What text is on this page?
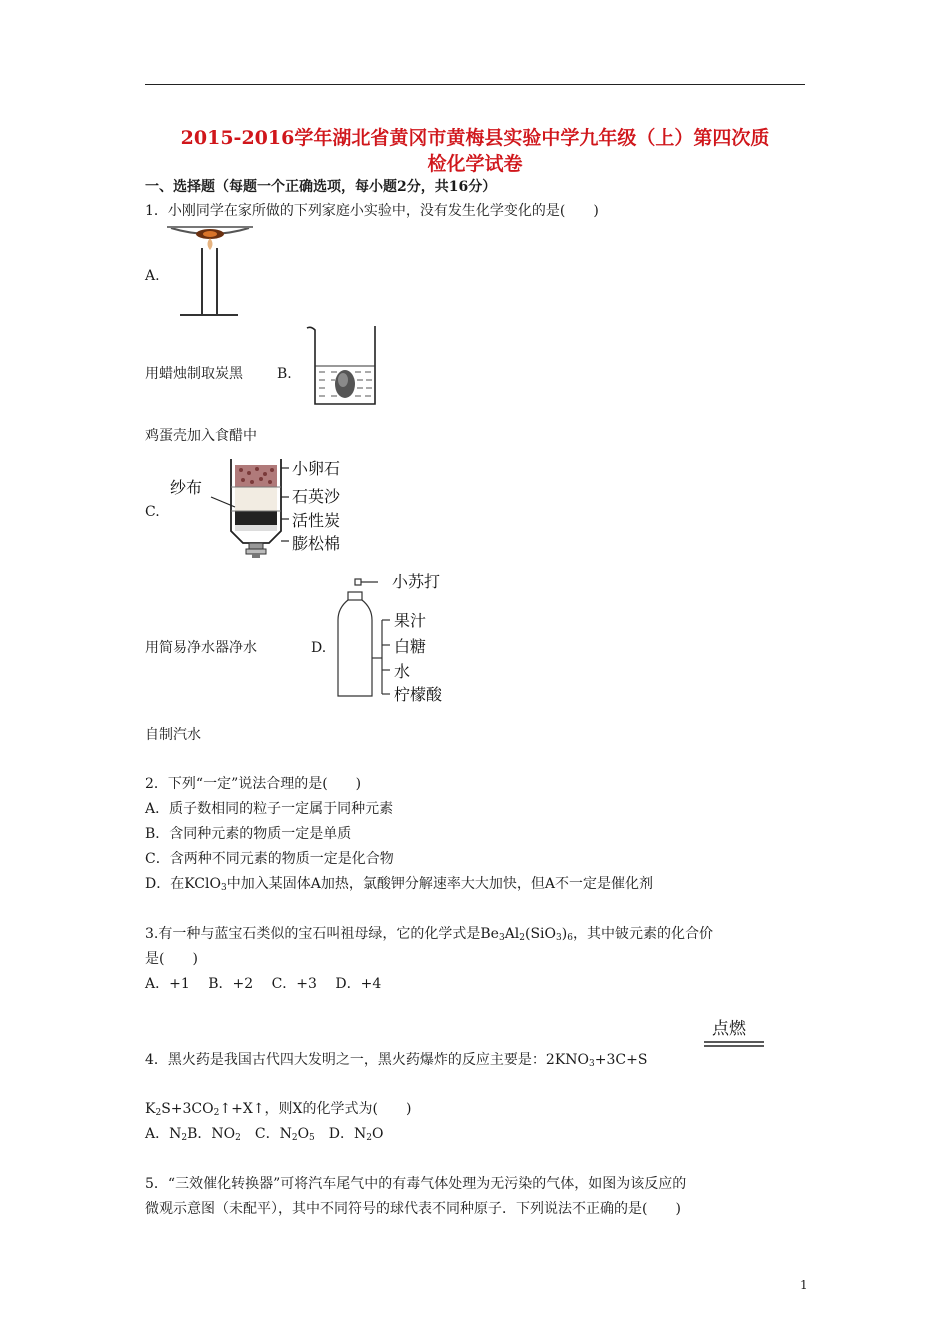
2015-2016学年湖北省黄冈市黄梅县实验中学九年级（上）第四次质
检化学试卷
一、选择题（每题一个正确选项，每小题2分，共16分）
1．小刚同学在家所做的下列家庭小实验中，没有发生化学变化的是(　　)
A.
用蜡烛制取炭黑 B.
鸡蛋壳加入食醋中
纱布
小卵石
石英沙
活性炭
膨松棉
C.
用简易净水器净水	D.
小苏打
果汁
白糖
水
柠檬酸
自制汽水
2．下列“一定”说法合理的是(　　)
A．质子数相同的粒子一定属于同种元素
B．含同种元素的物质一定是单质
C．含两种不同元素的物质一定是化合物
D．在KClO$_3$中加入某固体A加热，氯酸钾分解速率大大加快，但A不一定是催化剂
3.有一种与蓝宝石类似的宝石叫祖母绿，它的化学式是$Be_3Al_2(SiO_3)_6$，其中铍元素的化合价
是(　　)
A．+1　 B．+2　 C．+3　 D．+4
点燃
4．黑火药是我国古代四大发明之一，黑火药爆炸的反应主要是：$2KNO_3+3C+S$
$K_2S+3CO_2↑+X↑$，则X的化学式为(　　)
A．$N_2B$．$NO_2$　C．$N_2O_5$　D．$N_2O$
5．“三效催化转换器”可将汽车尾气中的有毒气体处理为无污染的气体，如图为该反应的
微观示意图（未配平），其中不同符号的球代表不同种原子．下列说法不正确的是(　　)
1
